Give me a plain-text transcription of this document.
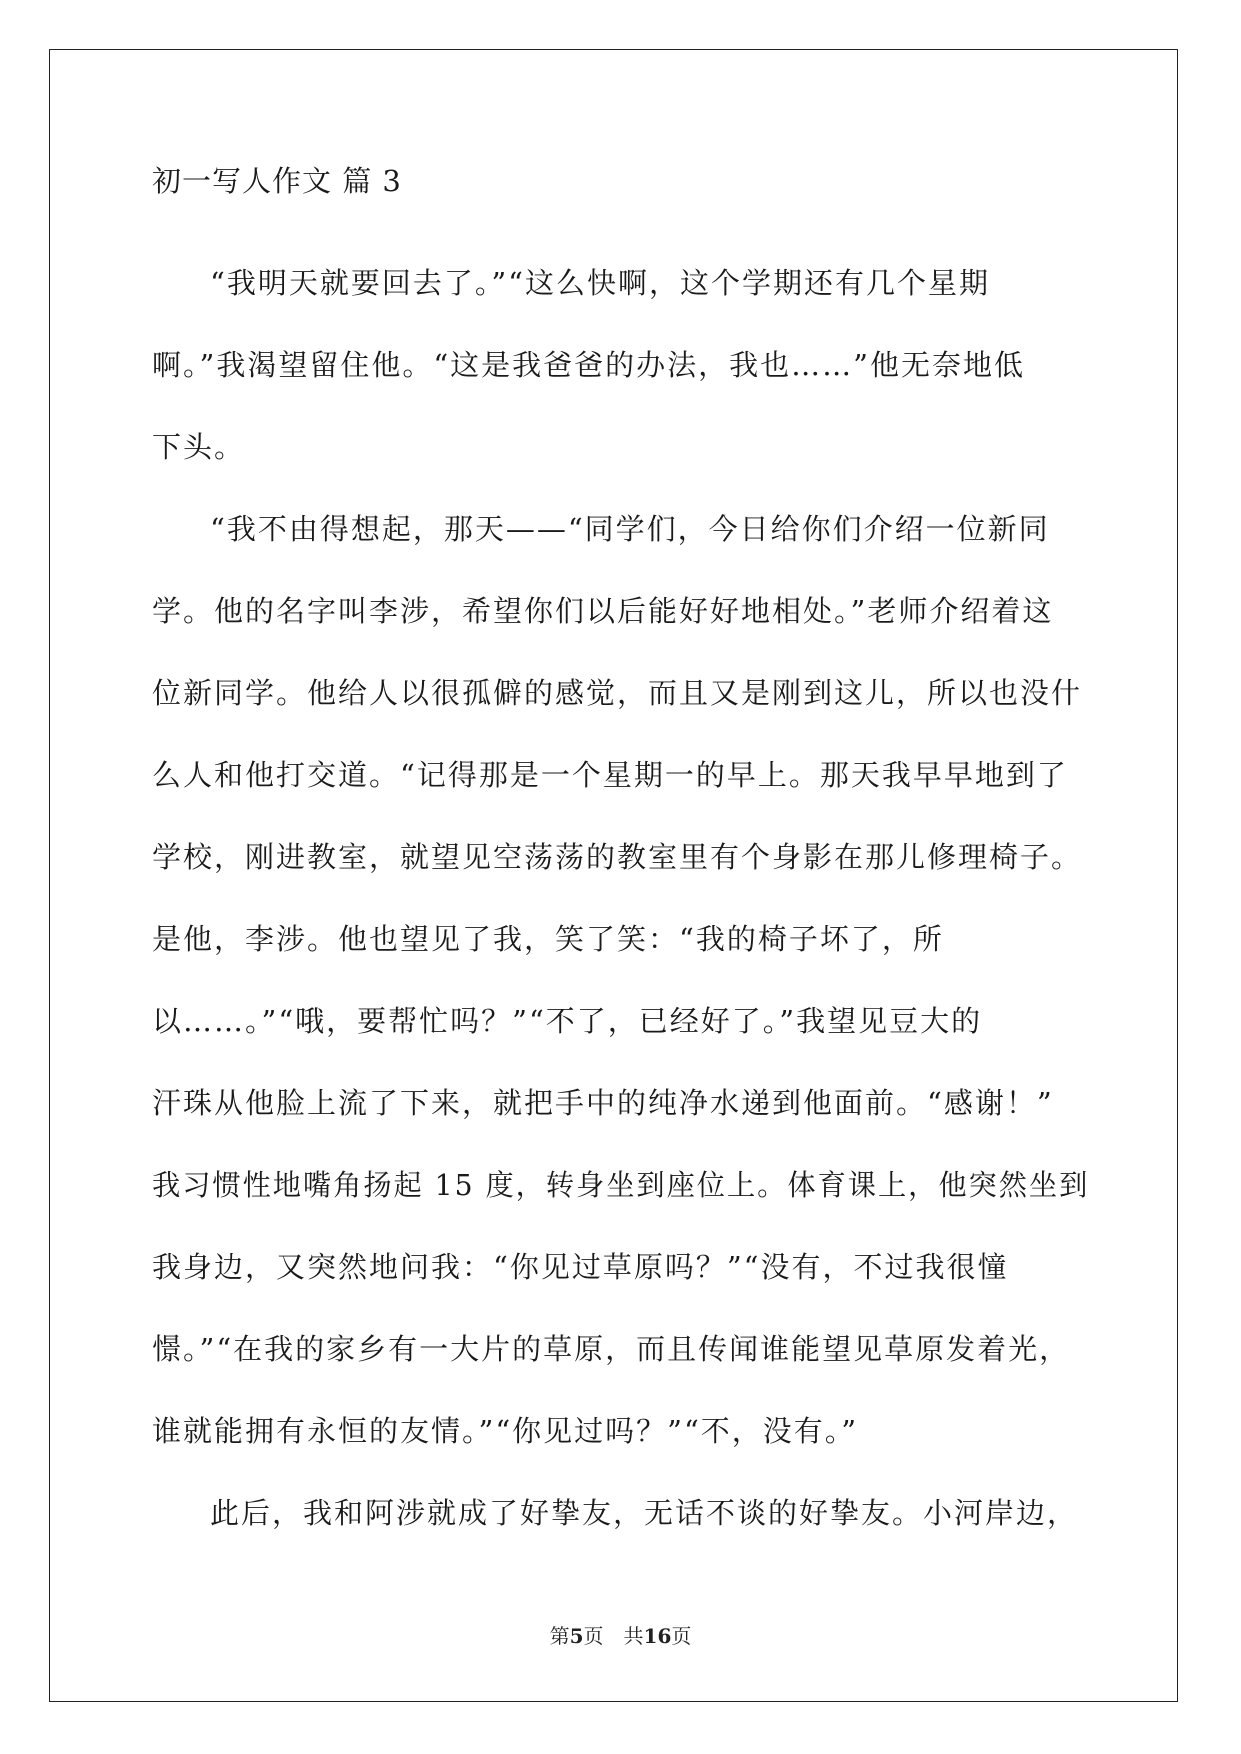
初一写人作文 篇 3
“我明天就要回去了。”“这么快啊，这个学期还有几个星期
啊。”我渴望留住他。“这是我爸爸的办法，我也……”他无奈地低
下头。
“我不由得想起，那天——“同学们，今日给你们介绍一位新同
学。他的名字叫李涉，希望你们以后能好好地相处。”老师介绍着这
位新同学。他给人以很孤僻的感觉，而且又是刚到这儿，所以也没什
么人和他打交道。“记得那是一个星期一的早上。那天我早早地到了
学校，刚进教室，就望见空荡荡的教室里有个身影在那儿修理椅子。
是他，李涉。他也望见了我，笑了笑：“我的椅子坏了，所
以……。”“哦，要帮忙吗？”“不了，已经好了。”我望见豆大的
汗珠从他脸上流了下来，就把手中的纯净水递到他面前。“感谢！”
我习惯性地嘴角扬起 15 度，转身坐到座位上。体育课上，他突然坐到
我身边，又突然地问我：“你见过草原吗？”“没有，不过我很憧
憬。”“在我的家乡有一大片的草原，而且传闻谁能望见草原发着光，
谁就能拥有永恒的友情。”“你见过吗？”“不，没有。”
此后，我和阿涉就成了好挚友，无话不谈的好挚友。小河岸边，
第5页　共16页
